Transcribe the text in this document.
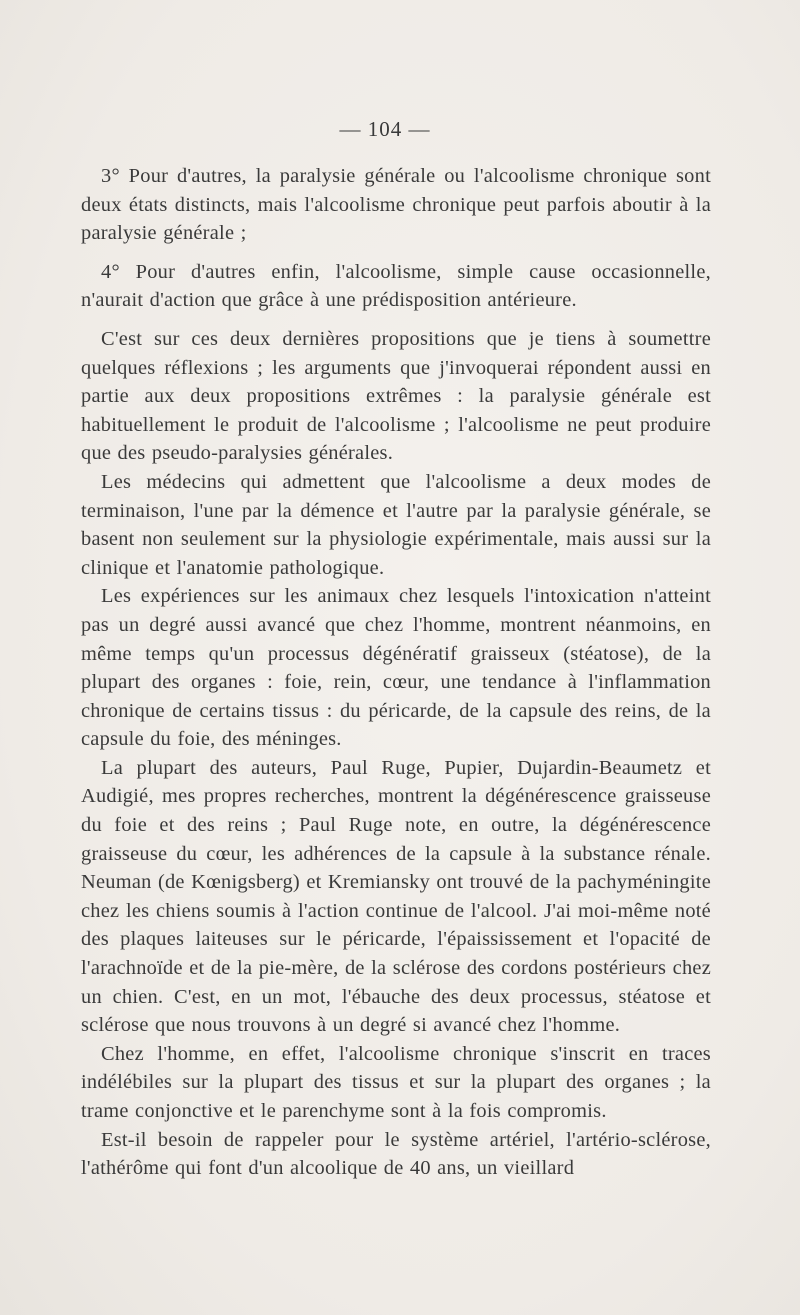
— 104 —

3° Pour d'autres, la paralysie générale ou l'alcoolisme chronique sont deux états distincts, mais l'alcoolisme chronique peut parfois aboutir à la paralysie générale ;

4° Pour d'autres enfin, l'alcoolisme, simple cause occasionnelle, n'aurait d'action que grâce à une prédisposition antérieure.

C'est sur ces deux dernières propositions que je tiens à soumettre quelques réflexions ; les arguments que j'invoquerai répondent aussi en partie aux deux propositions extrêmes : la paralysie générale est habituellement le produit de l'alcoolisme ; l'alcoolisme ne peut produire que des pseudo-paralysies générales.

Les médecins qui admettent que l'alcoolisme a deux modes de terminaison, l'une par la démence et l'autre par la paralysie générale, se basent non seulement sur la physiologie expérimentale, mais aussi sur la clinique et l'anatomie pathologique.

Les expériences sur les animaux chez lesquels l'intoxication n'atteint pas un degré aussi avancé que chez l'homme, montrent néanmoins, en même temps qu'un processus dégénératif graisseux (stéatose), de la plupart des organes : foie, rein, cœur, une tendance à l'inflammation chronique de certains tissus : du péricarde, de la capsule des reins, de la capsule du foie, des méninges.

La plupart des auteurs, Paul Ruge, Pupier, Dujardin-Beaumetz et Audigié, mes propres recherches, montrent la dégénérescence graisseuse du foie et des reins ; Paul Ruge note, en outre, la dégénérescence graisseuse du cœur, les adhérences de la capsule à la substance rénale. Neuman (de Kœnigsberg) et Kremiansky ont trouvé de la pachyméningite chez les chiens soumis à l'action continue de l'alcool. J'ai moi-même noté des plaques laiteuses sur le péricarde, l'épaississement et l'opacité de l'arachnoïde et de la pie-mère, de la sclérose des cordons postérieurs chez un chien. C'est, en un mot, l'ébauche des deux processus, stéatose et sclérose que nous trouvons à un degré si avancé chez l'homme.

Chez l'homme, en effet, l'alcoolisme chronique s'inscrit en traces indélébiles sur la plupart des tissus et sur la plupart des organes ; la trame conjonctive et le parenchyme sont à la fois compromis.

Est-il besoin de rappeler pour le système artériel, l'artério-sclérose, l'athérôme qui font d'un alcoolique de 40 ans, un vieillard
